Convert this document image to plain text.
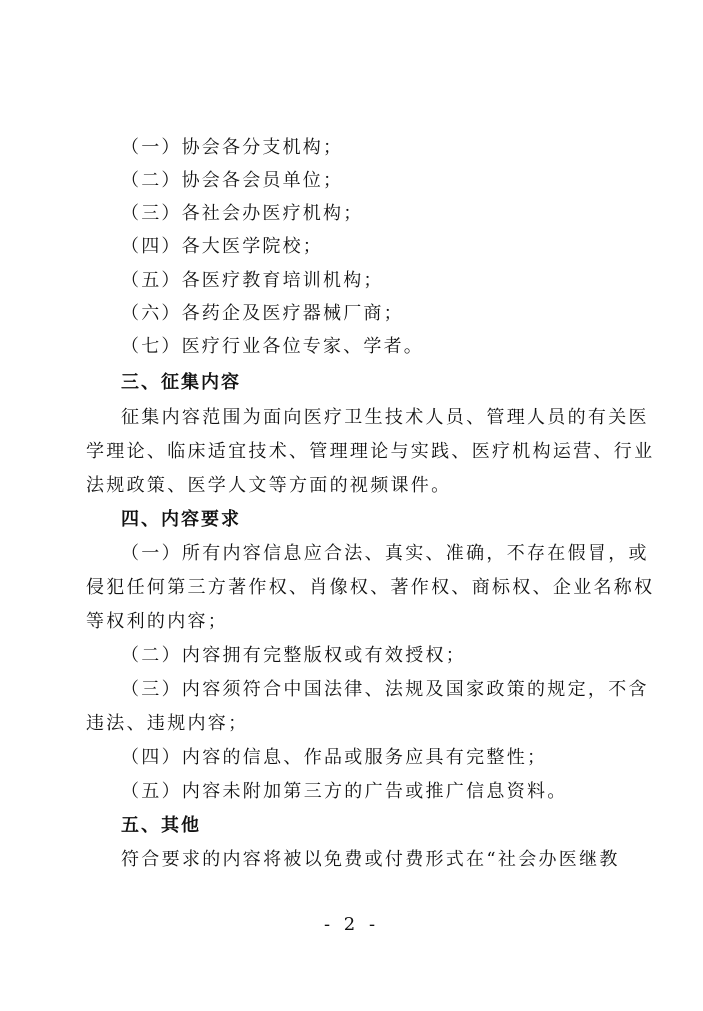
（一）协会各分支机构；
（二）协会各会员单位；
（三）各社会办医疗机构；
（四）各大医学院校；
（五）各医疗教育培训机构；
（六）各药企及医疗器械厂商；
（七）医疗行业各位专家、学者。
三、征集内容
征集内容范围为面向医疗卫生技术人员、管理人员的有关医
学理论、临床适宜技术、管理理论与实践、医疗机构运营、行业
法规政策、医学人文等方面的视频课件。
四、内容要求
（一）所有内容信息应合法、真实、准确，不存在假冒，或
侵犯任何第三方著作权、肖像权、著作权、商标权、企业名称权
等权利的内容；
（二）内容拥有完整版权或有效授权；
（三）内容须符合中国法律、法规及国家政策的规定，不含
违法、违规内容；
（四）内容的信息、作品或服务应具有完整性；
（五）内容未附加第三方的广告或推广信息资料。
五、其他
符合要求的内容将被以免费或付费形式在“社会办医继教
- 2 -
